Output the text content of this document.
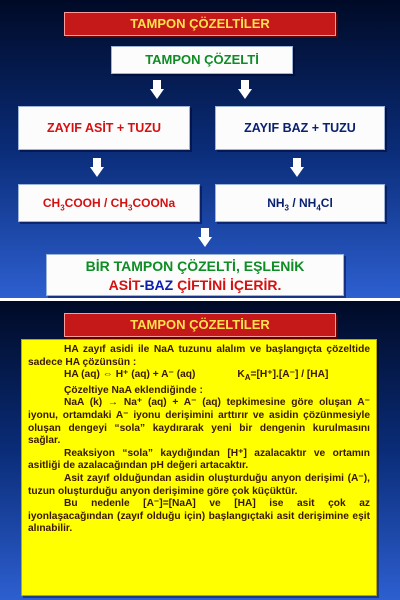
TAMPON ÇÖZELTİLER
TAMPON ÇÖZELTİ
ZAYIF ASİT + TUZU	ZAYIF BAZ + TUZU
$CH_3COOH$ / $CH_3COONa$	$NH_3 / NH_4Cl$
BİR TAMPON ÇÖZELTİ, EŞLENİK
ASİT-BAZ ÇİFTİNİ İÇERİR.
TAMPON ÇÖZELTİLER

HA zayıf asidi ile NaA tuzunu alalım ve başlangıçta çözeltide sadece HA çözünsün :

HA (aq) ⇔ H⁺ (aq) + A⁻ (aq)	$K_A=[H^+].[A^-] / [HA]$

Çözeltiye NaA eklendiğinde :

NaA (k) → Na⁺ (aq) + A⁻ (aq) tepkimesine göre oluşan A⁻ iyonu, ortamdaki A⁻ iyonu derişimini arttırır ve asidin çözünmesiyle oluşan dengeyi “sola” kaydırarak yeni bir dengenin kurulmasını sağlar.

Reaksiyon “sola” kaydığından [H⁺] azalacaktır ve ortamın asitliği de azalacağından pH değeri artacaktır.

Asit zayıf olduğundan asidin oluşturduğu anyon derişimi (A⁻), tuzun oluşturduğu anyon derişimine göre çok küçüktür.

Bu nedenle [A⁻]=[NaA] ve [HA] ise asit çok az iyonlaşacağından (zayıf olduğu için) başlangıçtaki asit derişimine eşit alınabilir.
